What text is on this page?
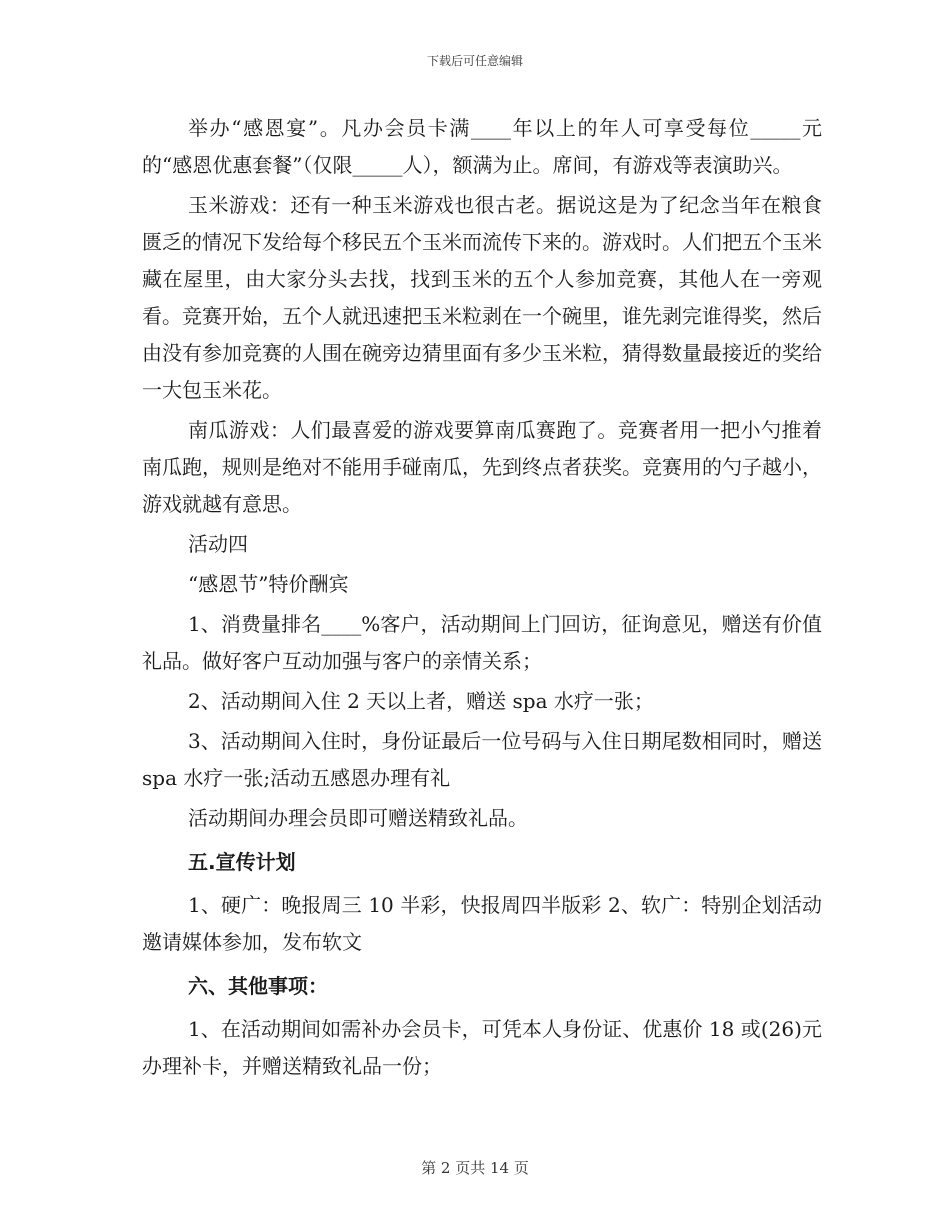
下载后可任意编辑

举办“感恩宴”。凡办会员卡满____年以上的年人可享受每位_____元的“感恩优惠套餐”（仅限_____人），额满为止。席间，有游戏等表演助兴。

玉米游戏：还有一种玉米游戏也很古老。据说这是为了纪念当年在粮食匮乏的情况下发给每个移民五个玉米而流传下来的。游戏时。人们把五个玉米藏在屋里，由大家分头去找，找到玉米的五个人参加竞赛，其他人在一旁观看。竞赛开始，五个人就迅速把玉米粒剥在一个碗里，谁先剥完谁得奖，然后由没有参加竞赛的人围在碗旁边猜里面有多少玉米粒，猜得数量最接近的奖给一大包玉米花。

南瓜游戏：人们最喜爱的游戏要算南瓜赛跑了。竞赛者用一把小勺推着南瓜跑，规则是绝对不能用手碰南瓜，先到终点者获奖。竞赛用的勺子越小，游戏就越有意思。

活动四

“感恩节”特价酬宾

1、消费量排名____%客户，活动期间上门回访，征询意见，赠送有价值礼品。做好客户互动加强与客户的亲情关系；

2、活动期间入住 2 天以上者，赠送 spa 水疗一张；

3、活动期间入住时，身份证最后一位号码与入住日期尾数相同时，赠送 spa 水疗一张;活动五感恩办理有礼

活动期间办理会员即可赠送精致礼品。

五.宣传计划

1、硬广：晚报周三 10 半彩，快报周四半版彩 2、软广：特别企划活动邀请媒体参加，发布软文

六、其他事项：

1、在活动期间如需补办会员卡，可凭本人身份证、优惠价 18 或(26)元办理补卡，并赠送精致礼品一份；

第 2 页共 14 页
